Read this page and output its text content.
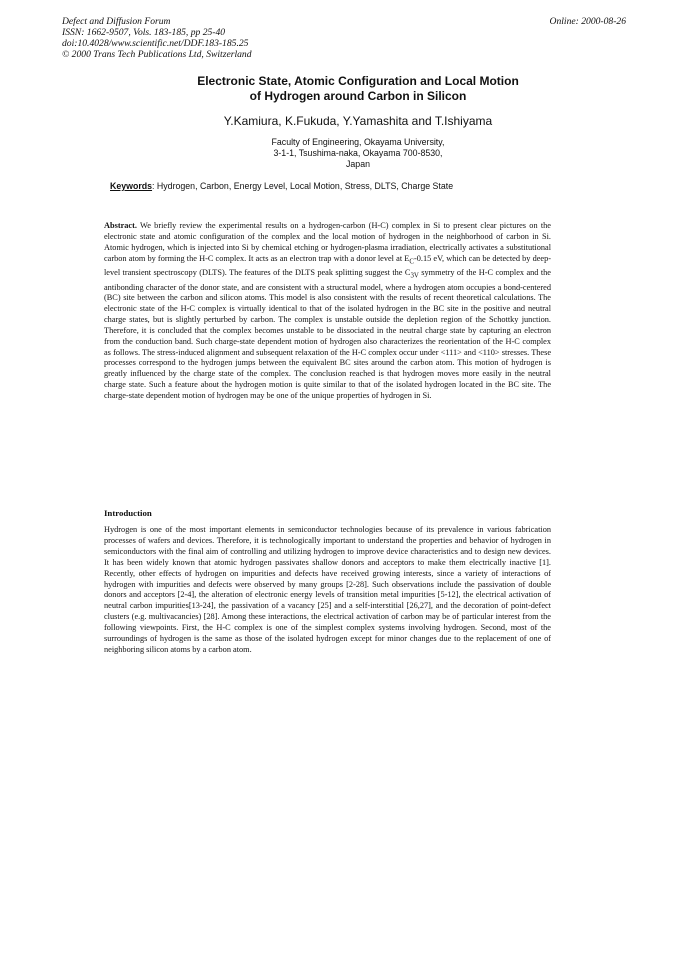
Defect and Diffusion Forum
ISSN: 1662-9507, Vols. 183-185, pp 25-40
doi:10.4028/www.scientific.net/DDF.183-185.25
© 2000 Trans Tech Publications Ltd, Switzerland
Online: 2000-08-26
Electronic State, Atomic Configuration and Local Motion
of Hydrogen around Carbon in Silicon
Y.Kamiura, K.Fukuda, Y.Yamashita and T.Ishiyama
Faculty of Engineering, Okayama University,
3-1-1, Tsushima-naka, Okayama 700-8530,
Japan
Keywords: Hydrogen, Carbon, Energy Level, Local Motion, Stress, DLTS, Charge State
Abstract. We briefly review the experimental results on a hydrogen-carbon (H-C) complex in Si to present clear pictures on the electronic state and atomic configuration of the complex and the local motion of hydrogen in the neighborhood of carbon in Si. Atomic hydrogen, which is injected into Si by chemical etching or hydrogen-plasma irradiation, electrically activates a substitutional carbon atom by forming the H-C complex. It acts as an electron trap with a donor level at $E_C-0.15$ eV, which can be detected by deep-level transient spectroscopy (DLTS). The features of the DLTS peak splitting suggest the $C_{3V}$ symmetry of the H-C complex and the antibonding character of the donor state, and are consistent with a structural model, where a hydrogen atom occupies a bond-centered (BC) site between the carbon and silicon atoms. This model is also consistent with the results of recent theoretical calculations. The electronic state of the H-C complex is virtually identical to that of the isolated hydrogen in the BC site in the positive and neutral charge states, but is slightly perturbed by carbon. The complex is unstable outside the depletion region of the Schottky junction. Therefore, it is concluded that the complex becomes unstable to be dissociated in the neutral charge state by capturing an electron from the conduction band. Such charge-state dependent motion of hydrogen also characterizes the reorientation of the H-C complex as follows. The stress-induced alignment and subsequent relaxation of the H-C complex occur under <111> and <110> stresses. These processes correspond to the hydrogen jumps between the equivalent BC sites around the carbon atom. This motion of hydrogen is greatly influenced by the charge state of the complex. The conclusion reached is that hydrogen moves more easily in the neutral charge state. Such a feature about the hydrogen motion is quite similar to that of the isolated hydrogen located in the BC site. The charge-state dependent motion of hydrogen may be one of the unique properties of hydrogen in Si.
Introduction

Hydrogen is one of the most important elements in semiconductor technologies because of its prevalence in various fabrication processes of wafers and devices. Therefore, it is technologically important to understand the properties and behavior of hydrogen in semiconductors with the final aim of controlling and utilizing hydrogen to improve device characteristics and to design new devices. It has been widely known that atomic hydrogen passivates shallow donors and acceptors to make them electrically inactive [1]. Recently, other effects of hydrogen on impurities and defects have received growing interests, since a variety of interactions of hydrogen with impurities and defects were observed by many groups [2-28]. Such observations include the passivation of double donors and acceptors [2-4], the alteration of electronic energy levels of transition metal impurities [5-12], the electrical activation of neutral carbon impurities[13-24], the passivation of a vacancy [25] and a self-interstitial [26,27], and the decoration of point-defect clusters (e.g. multivacancies) [28]. Among these interactions, the electrical activation of carbon may be of particular interest from the following viewpoints. First, the H-C complex is one of the simplest complex systems involving hydrogen. Second, most of the surroundings of hydrogen is the same as those of the isolated hydrogen except for minor changes due to the replacement of one of neighboring silicon atoms by a carbon atom.
